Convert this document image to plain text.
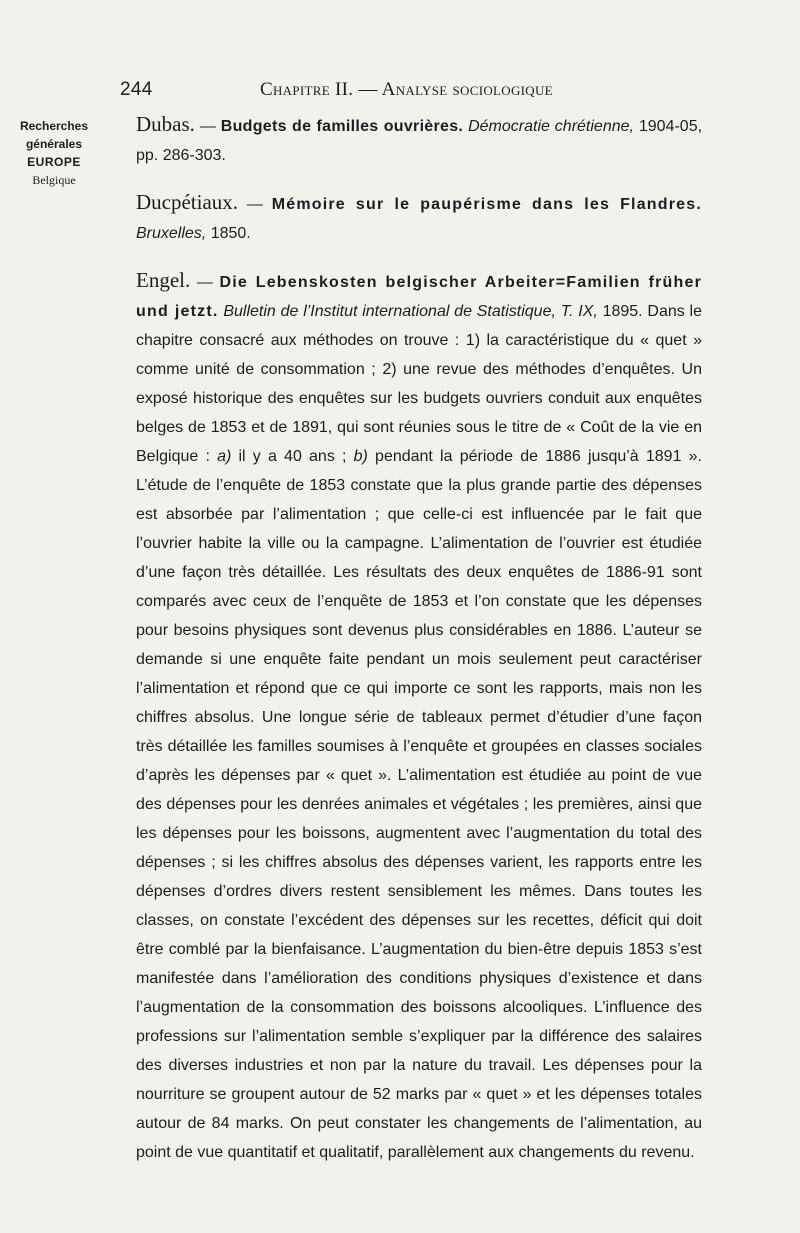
244	Chapitre II. — Analyse sociologique
Recherches
générales
EUROPE
Belgique

Dubas. — Budgets de familles ouvrières. Démocratie chrétienne, 1904-05, pp. 286-303.

Ducpétiaux. — Mémoire sur le paupérisme dans les Flandres. Bruxelles, 1850.

Engel. — Die Lebenskosten belgischer Arbeiter=Familien früher und jetzt. Bulletin de l’Institut international de Statistique, T. IX, 1895. Dans le chapitre consacré aux méthodes on trouve : 1) la caractéristique du « quet » comme unité de consommation ; 2) une revue des méthodes d’enquêtes. Un exposé historique des enquêtes sur les budgets ouvriers conduit aux enquêtes belges de 1853 et de 1891, qui sont réunies sous le titre de « Coût de la vie en Belgique : a) il y a 40 ans ; b) pendant la période de 1886 jusqu’à 1891 ». L’étude de l’enquête de 1853 constate que la plus grande partie des dépenses est absorbée par l’alimentation ; que celle-ci est influencée par le fait que l’ouvrier habite la ville ou la campagne. L’alimentation de l’ouvrier est étudiée d’une façon très détaillée. Les résultats des deux enquêtes de 1886-91 sont comparés avec ceux de l’enquête de 1853 et l’on constate que les dépenses pour besoins physiques sont devenus plus considérables en 1886. L’auteur se demande si une enquête faite pendant un mois seulement peut caractériser l’alimentation et répond que ce qui importe ce sont les rapports, mais non les chiffres absolus. Une longue série de tableaux permet d’étudier d’une façon très détaillée les familles soumises à l’enquête et groupées en classes sociales d’après les dépenses par « quet ». L’alimentation est étudiée au point de vue des dépenses pour les denrées animales et végétales ; les premières, ainsi que les dépenses pour les boissons, augmentent avec l’augmentation du total des dépenses ; si les chiffres absolus des dépenses varient, les rapports entre les dépenses d’ordres divers restent sensiblement les mêmes. Dans toutes les classes, on constate l’excédent des dépenses sur les recettes, déficit qui doit être comblé par la bienfaisance. L’augmentation du bien-être depuis 1853 s’est manifestée dans l’amélioration des conditions physiques d’existence et dans l’augmentation de la consommation des boissons alcooliques. L’influence des professions sur l’alimentation semble s’expliquer par la différence des salaires des diverses industries et non par la nature du travail. Les dépenses pour la nourriture se groupent autour de 52 marks par « quet » et les dépenses totales autour de 84 marks. On peut constater les changements de l’alimentation, au point de vue quantitatif et qualitatif, parallèlement aux changements du revenu.
